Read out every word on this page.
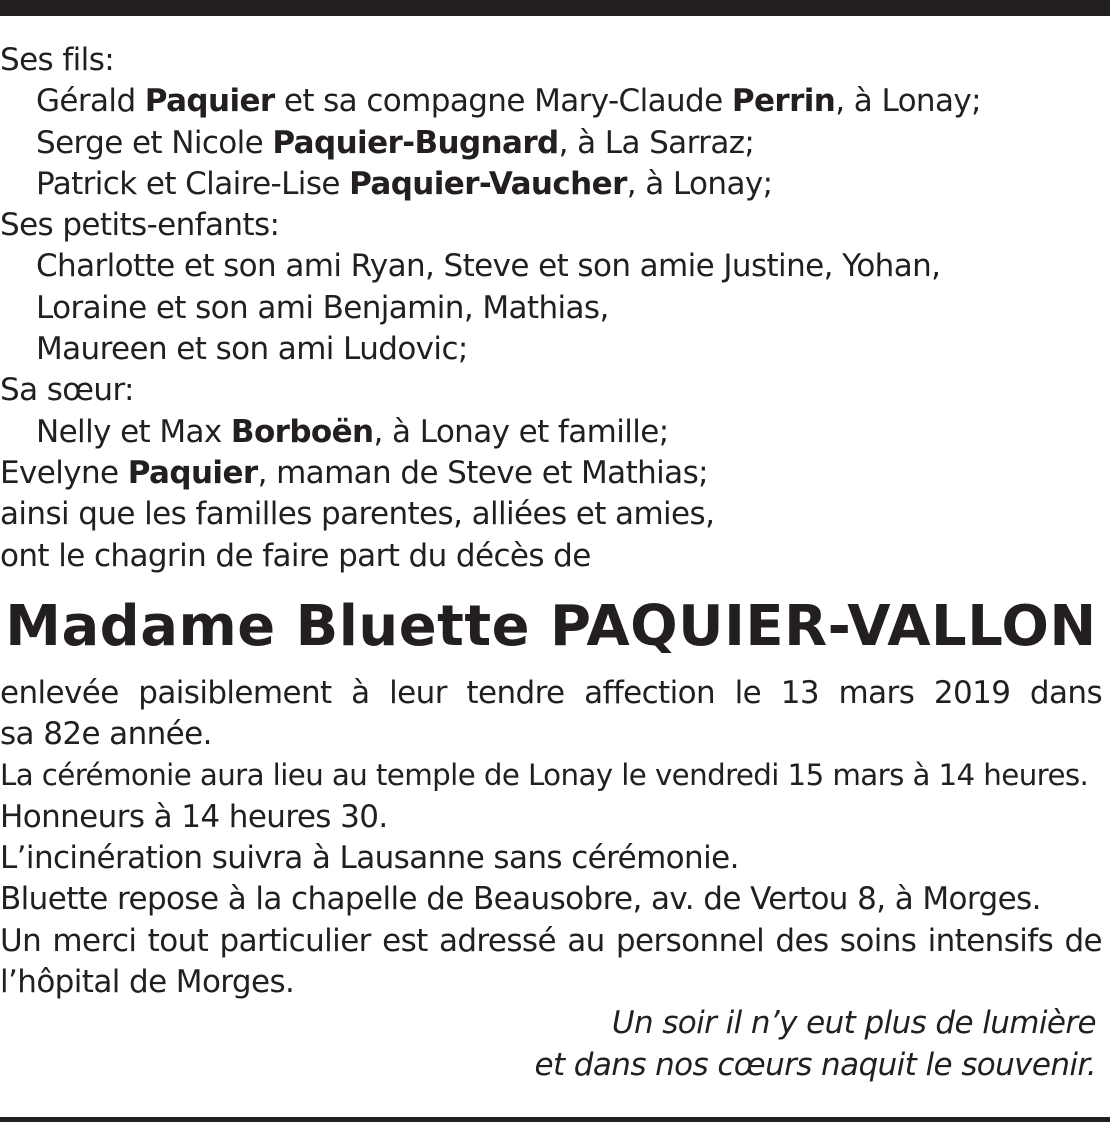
Ses fils:
Gérald Paquier et sa compagne Mary-Claude Perrin, à Lonay;
Serge et Nicole Paquier-Bugnard, à La Sarraz;
Patrick et Claire-Lise Paquier-Vaucher, à Lonay;
Ses petits-enfants:
Charlotte et son ami Ryan, Steve et son amie Justine, Yohan,
Loraine et son ami Benjamin, Mathias,
Maureen et son ami Ludovic;
Sa sœur:
Nelly et Max Borboën, à Lonay et famille;
Evelyne Paquier, maman de Steve et Mathias;
ainsi que les familles parentes, alliées et amies,
ont le chagrin de faire part du décès de
Madame Bluette PAQUIER-VALLON
enlevée paisiblement à leur tendre affection le 13 mars 2019 dans
sa 82e année.
La cérémonie aura lieu au temple de Lonay le vendredi 15 mars à 14 heures.
Honneurs à 14 heures 30.
L’incinération suivra à Lausanne sans cérémonie.
Bluette repose à la chapelle de Beausobre, av. de Vertou 8, à Morges.
Un merci tout particulier est adressé au personnel des soins intensifs de
l’hôpital de Morges.
Un soir il n’y eut plus de lumière
et dans nos cœurs naquit le souvenir.
